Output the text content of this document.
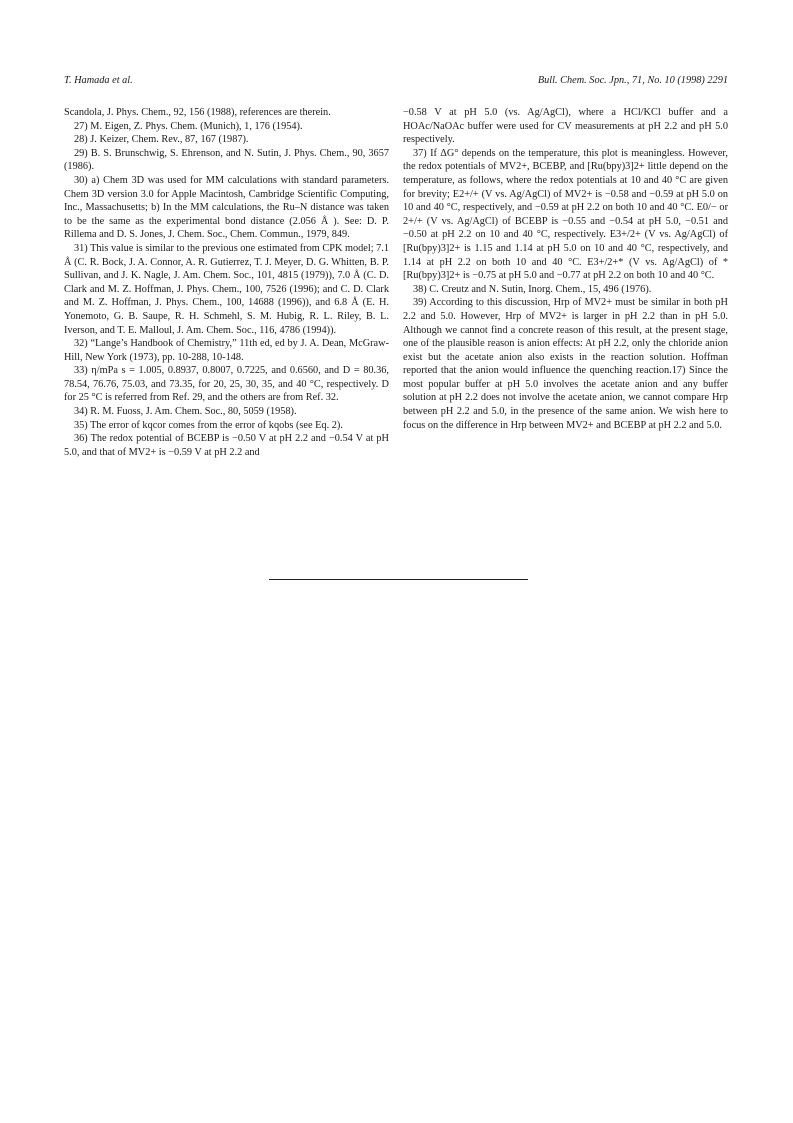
T. Hamada et al.	Bull. Chem. Soc. Jpn., 71, No. 10 (1998) 2291

Scandola, J. Phys. Chem., 92, 156 (1988), references are therein.

27) M. Eigen, Z. Phys. Chem. (Munich), 1, 176 (1954).

28) J. Keizer, Chem. Rev., 87, 167 (1987).

29) B. S. Brunschwig, S. Ehrenson, and N. Sutin, J. Phys. Chem., 90, 3657 (1986).

30) a) Chem 3D was used for MM calculations with standard parameters. Chem 3D version 3.0 for Apple Macintosh, Cambridge Scientific Computing, Inc., Massachusetts; b) In the MM calculations, the Ru–N distance was taken to be the same as the experimental bond distance (2.056 Å ). See: D. P. Rillema and D. S. Jones, J. Chem. Soc., Chem. Commun., 1979, 849.

31) This value is similar to the previous one estimated from CPK model; 7.1 Å (C. R. Bock, J. A. Connor, A. R. Gutierrez, T. J. Meyer, D. G. Whitten, B. P. Sullivan, and J. K. Nagle, J. Am. Chem. Soc., 101, 4815 (1979)), 7.0 Å (C. D. Clark and M. Z. Hoffman, J. Phys. Chem., 100, 7526 (1996); and C. D. Clark and M. Z. Hoffman, J. Phys. Chem., 100, 14688 (1996)), and 6.8 Å (E. H. Yonemoto, G. B. Saupe, R. H. Schmehl, S. M. Hubig, R. L. Riley, B. L. Iverson, and T. E. Malloul, J. Am. Chem. Soc., 116, 4786 (1994)).

32) “Lange’s Handbook of Chemistry,” 11th ed, ed by J. A. Dean, McGraw-Hill, New York (1973), pp. 10-288, 10-148.

33) η/mPa s = 1.005, 0.8937, 0.8007, 0.7225, and 0.6560, and D = 80.36, 78.54, 76.76, 75.03, and 73.35, for 20, 25, 30, 35, and 40 °C, respectively. D for 25 °C is referred from Ref. 29, and the others are from Ref. 32.

34) R. M. Fuoss, J. Am. Chem. Soc., 80, 5059 (1958).

35) The error of kqcor comes from the error of kqobs (see Eq. 2).

36) The redox potential of BCEBP is −0.50 V at pH 2.2 and −0.54 V at pH 5.0, and that of MV2+ is −0.59 V at pH 2.2 and

−0.58 V at pH 5.0 (vs. Ag/AgCl), where a HCl/KCl buffer and a HOAc/NaOAc buffer were used for CV measurements at pH 2.2 and pH 5.0 respectively.

37) If ΔG° depends on the temperature, this plot is meaningless. However, the redox potentials of MV2+, BCEBP, and [Ru(bpy)3]2+ little depend on the temperature, as follows, where the redox potentials at 10 and 40 °C are given for brevity; E2+/+ (V vs. Ag/AgCl) of MV2+ is −0.58 and −0.59 at pH 5.0 on 10 and 40 °C, respectively, and −0.59 at pH 2.2 on both 10 and 40 °C. E0/− or 2+/+ (V vs. Ag/AgCl) of BCEBP is −0.55 and −0.54 at pH 5.0, −0.51 and −0.50 at pH 2.2 on 10 and 40 °C, respectively. E3+/2+ (V vs. Ag/AgCl) of [Ru(bpy)3]2+ is 1.15 and 1.14 at pH 5.0 on 10 and 40 °C, respectively, and 1.14 at pH 2.2 on both 10 and 40 °C. E3+/2+* (V vs. Ag/AgCl) of *[Ru(bpy)3]2+ is −0.75 at pH 5.0 and −0.77 at pH 2.2 on both 10 and 40 °C.

38) C. Creutz and N. Sutin, Inorg. Chem., 15, 496 (1976).

39) According to this discussion, Hrp of MV2+ must be similar in both pH 2.2 and 5.0. However, Hrp of MV2+ is larger in pH 2.2 than in pH 5.0. Although we cannot find a concrete reason of this result, at the present stage, one of the plausible reason is anion effects: At pH 2.2, only the chloride anion exist but the acetate anion also exists in the reaction solution. Hoffman reported that the anion would influence the quenching reaction.17) Since the most popular buffer at pH 5.0 involves the acetate anion and any buffer solution at pH 2.2 does not involve the acetate anion, we cannot compare Hrp between pH 2.2 and 5.0, in the presence of the same anion. We wish here to focus on the difference in Hrp between MV2+ and BCEBP at pH 2.2 and 5.0.
